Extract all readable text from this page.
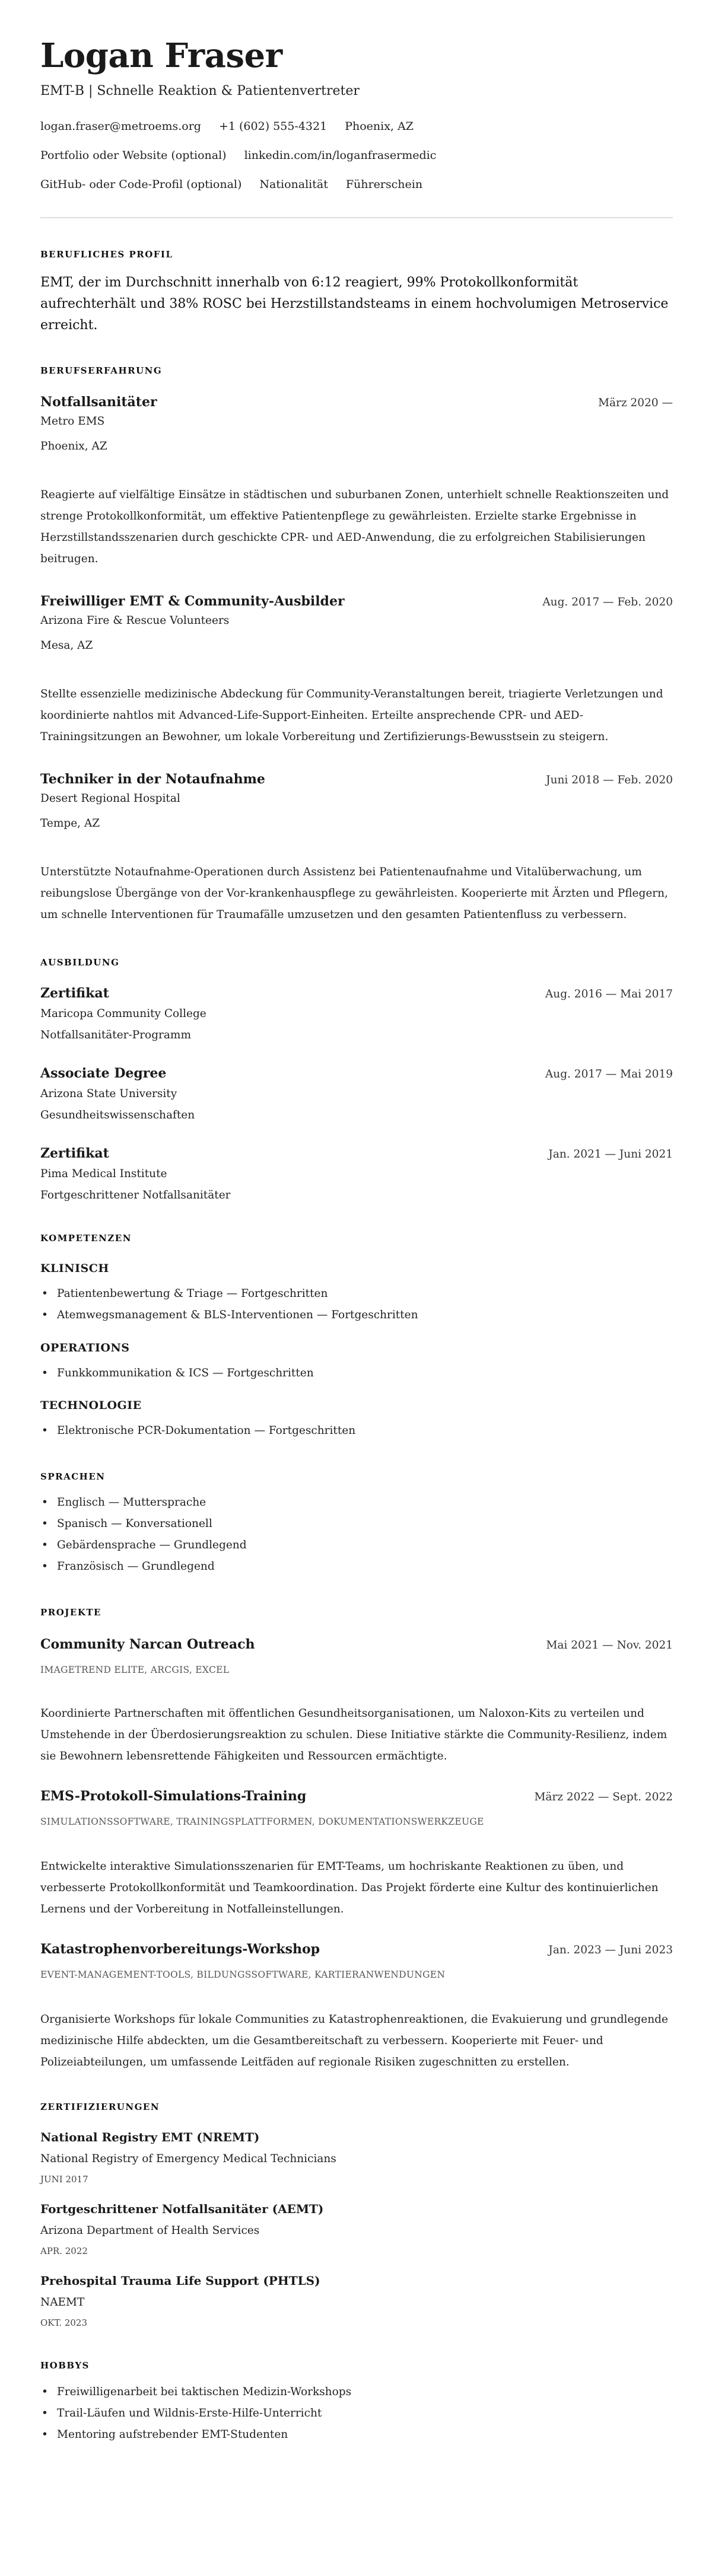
Logan Fraser
EMT-B | Schnelle Reaktion & Patientenvertreter
logan.fraser@metroems.org +1 (602) 555-4321 Phoenix, AZ
Portfolio oder Website (optional) linkedin.com/in/loganfrasermedic
GitHub- oder Code-Profil (optional) Nationalität Führerschein
BERUFLICHES PROFIL

EMT, der im Durchschnitt innerhalb von 6:12 reagiert, 99% Protokollkonformität aufrechterhält und 38% ROSC bei Herzstillstandsteams in einem hochvolumigen Metroservice erreicht.

BERUFSERFAHRUNG
Notfallsanitäter	März 2020 —
Metro EMS
Phoenix, AZ
Reagierte auf vielfältige Einsätze in städtischen und suburbanen Zonen, unterhielt schnelle Reaktionszeiten und strenge Protokollkonformität, um effektive Patientenpflege zu gewährleisten. Erzielte starke Ergebnisse in Herzstillstandsszenarien durch geschickte CPR- und AED-Anwendung, die zu erfolgreichen Stabilisierungen beitrugen.
Freiwilliger EMT & Community-Ausbilder	Aug. 2017 — Feb. 2020
Arizona Fire & Rescue Volunteers
Mesa, AZ
Stellte essenzielle medizinische Abdeckung für Community-Veranstaltungen bereit, triagierte Verletzungen und koordinierte nahtlos mit Advanced-Life-Support-Einheiten. Erteilte ansprechende CPR- und AED-Trainingsitzungen an Bewohner, um lokale Vorbereitung und Zertifizierungs-Bewusstsein zu steigern.
Techniker in der Notaufnahme	Juni 2018 — Feb. 2020
Desert Regional Hospital
Tempe, AZ
Unterstützte Notaufnahme-Operationen durch Assistenz bei Patientenaufnahme und Vitalüberwachung, um reibungslose Übergänge von der Vor-krankenhauspflege zu gewährleisten. Kooperierte mit Ärzten und Pflegern, um schnelle Interventionen für Traumafälle umzusetzen und den gesamten Patientenfluss zu verbessern.
AUSBILDUNG
Zertifikat	Aug. 2016 — Mai 2017
Maricopa Community College
Notfallsanitäter-Programm
Associate Degree	Aug. 2017 — Mai 2019
Arizona State University
Gesundheitswissenschaften
Zertifikat	Jan. 2021 — Juni 2021
Pima Medical Institute
Fortgeschrittener Notfallsanitäter
KOMPETENZEN
KLINISCH
• Patientenbewertung & Triage — Fortgeschritten
• Atemwegsmanagement & BLS-Interventionen — Fortgeschritten
OPERATIONS
• Funkkommunikation & ICS — Fortgeschritten
TECHNOLOGIE
• Elektronische PCR-Dokumentation — Fortgeschritten
SPRACHEN
• Englisch — Muttersprache
• Spanisch — Konversationell
• Gebärdensprache — Grundlegend
• Französisch — Grundlegend
PROJEKTE
Community Narcan Outreach	Mai 2021 — Nov. 2021
IMAGETREND ELITE, ARCGIS, EXCEL
Koordinierte Partnerschaften mit öffentlichen Gesundheitsorganisationen, um Naloxon-Kits zu verteilen und Umstehende in der Überdosierungsreaktion zu schulen. Diese Initiative stärkte die Community-Resilienz, indem sie Bewohnern lebensrettende Fähigkeiten und Ressourcen ermächtigte.
EMS-Protokoll-Simulations-Training	März 2022 — Sept. 2022
SIMULATIONSSOFTWARE, TRAININGSPLATTFORMEN, DOKUMENTATIONSWERKZEUGE
Entwickelte interaktive Simulationsszenarien für EMT-Teams, um hochriskante Reaktionen zu üben, und verbesserte Protokollkonformität und Teamkoordination. Das Projekt förderte eine Kultur des kontinuierlichen Lernens und der Vorbereitung in Notfalleinstellungen.
Katastrophenvorbereitungs-Workshop	Jan. 2023 — Juni 2023
EVENT-MANAGEMENT-TOOLS, BILDUNGSSOFTWARE, KARTIERANWENDUNGEN
Organisierte Workshops für lokale Communities zu Katastrophenreaktionen, die Evakuierung und grundlegende medizinische Hilfe abdeckten, um die Gesamtbereitschaft zu verbessern. Kooperierte mit Feuer- und Polizeiabteilungen, um umfassende Leitfäden auf regionale Risiken zugeschnitten zu erstellen.
ZERTIFIZIERUNGEN
National Registry EMT (NREMT)
National Registry of Emergency Medical Technicians
JUNI 2017
Fortgeschrittener Notfallsanitäter (AEMT)
Arizona Department of Health Services
APR. 2022
Prehospital Trauma Life Support (PHTLS)
NAEMT
OKT. 2023
HOBBYS
• Freiwilligenarbeit bei taktischen Medizin-Workshops
• Trail-Läufen und Wildnis-Erste-Hilfe-Unterricht
• Mentoring aufstrebender EMT-Studenten
